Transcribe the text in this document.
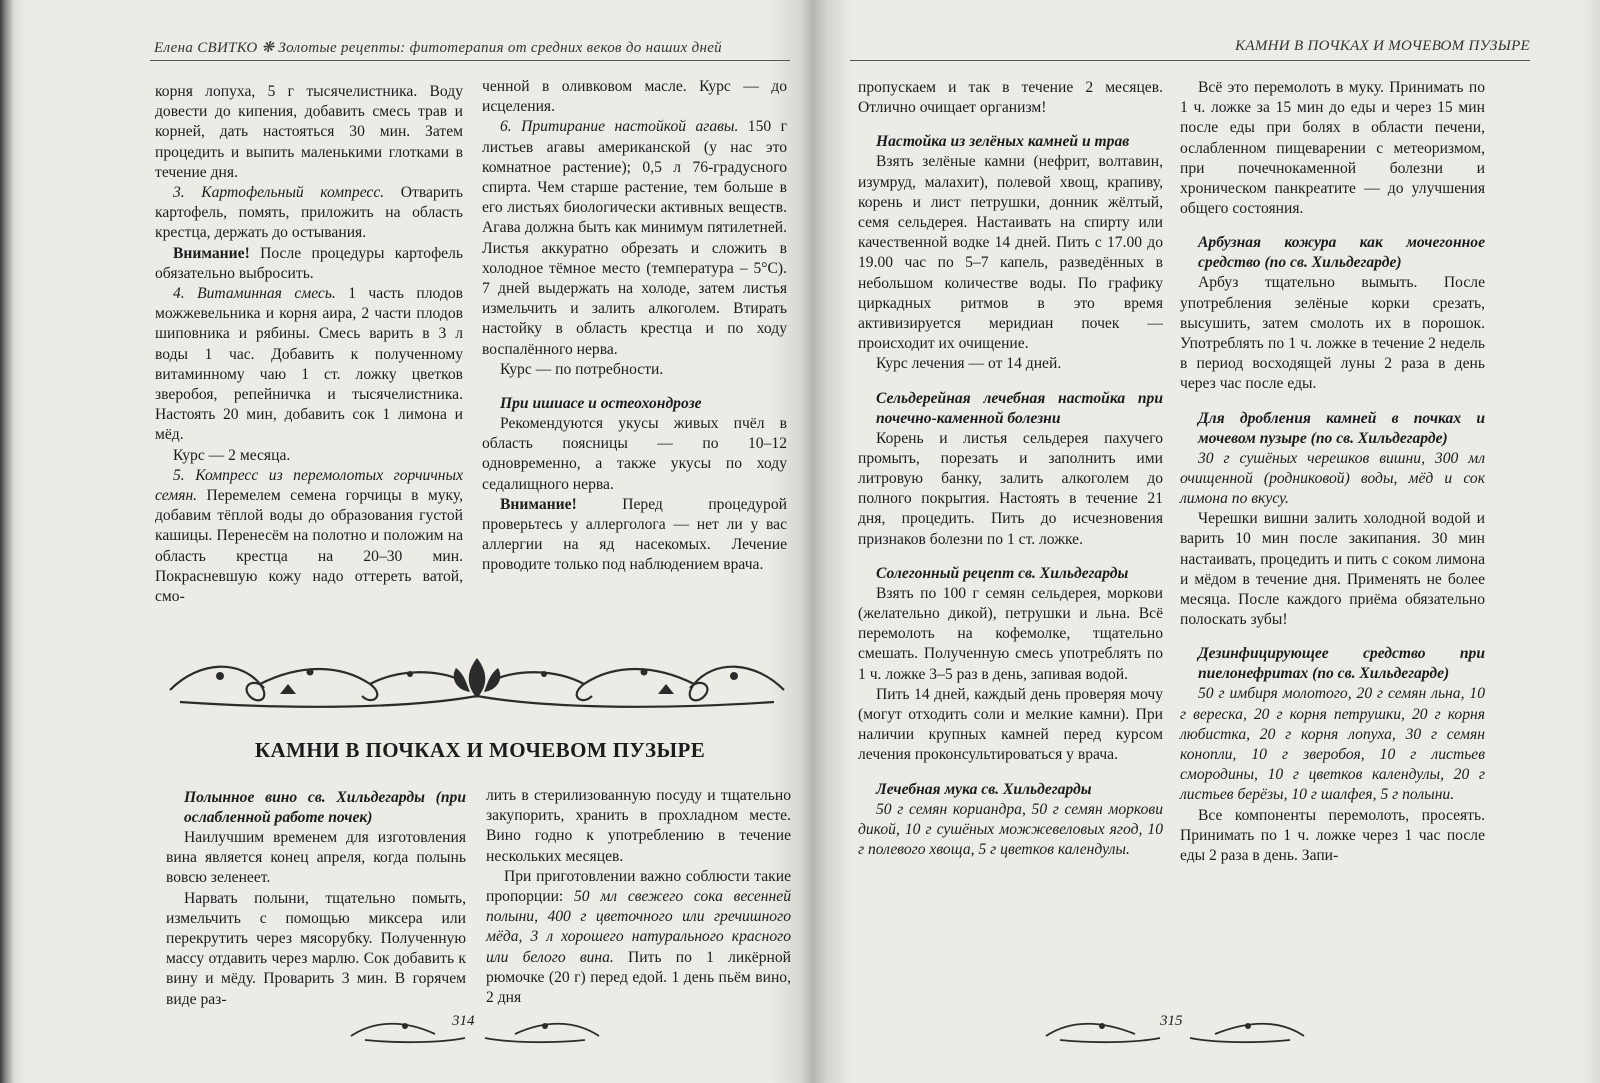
Елена СВИТКО ❋ Золотые рецепты: фитотерапия от средних веков до наших дней

корня лопуха, 5 г тысячелистника. Воду довести до кипения, добавить смесь трав и корней, дать настояться 30 мин. Затем процедить и выпить маленькими глотками в течение дня.

3. Картофельный компресс. Отварить картофель, помять, приложить на область крестца, держать до остывания.

Внимание! После процедуры картофель обязательно выбросить.

4. Витаминная смесь. 1 часть плодов можжевельника и корня аира, 2 части плодов шиповника и рябины. Смесь варить в 3 л воды 1 час. Добавить к полученному витаминному чаю 1 ст. ложку цветков зверобоя, репейничка и тысячелистника. Настоять 20 мин, добавить сок 1 лимона и мёд.

Курс — 2 месяца.

5. Компресс из перемолотых горчичных семян. Перемелем семена горчицы в муку, добавим тёплой воды до образования густой кашицы. Перенесём на полотно и положим на область крестца на 20–30 мин. Покрасневшую кожу надо оттереть ватой, смо-

ченной в оливковом масле. Курс — до исцеления.

6. Притирание настойкой агавы. 150 г листьев агавы американской (у нас это комнатное растение); 0,5 л 76-градусного спирта. Чем старше растение, тем больше в его листьях биологически активных веществ. Агава должна быть как минимум пятилетней. Листья аккуратно обрезать и сложить в холодное тёмное место (температура – 5°С). 7 дней выдержать на холоде, затем листья измельчить и залить алкоголем. Втирать настойку в область крестца и по ходу воспалённого нерва.

Курс — по потребности.

При ишиасе и остеохондрозе

Рекомендуются укусы живых пчёл в область поясницы — по 10–12 одновременно, а также укусы по ходу седалищного нерва.

Внимание! Перед процедурой проверьтесь у аллерголога — нет ли у вас аллергии на яд насекомых. Лечение проводите только под наблюдением врача.

КАМНИ В ПОЧКАХ И МОЧЕВОМ ПУЗЫРЕ

Полынное вино св. Хильдегарды (при ослабленной работе почек)

Наилучшим временем для изготовления вина является конец апреля, когда полынь вовсю зеленеет.

Нарвать полыни, тщательно помыть, измельчить с помощью миксера или перекрутить через мясорубку. Полученную массу отдавить через марлю. Сок добавить к вину и мёду. Проварить 3 мин. В горячем виде раз-

лить в стерилизованную посуду и тщательно закупорить, хранить в прохладном месте. Вино годно к употреблению в течение нескольких месяцев.

При приготовлении важно соблюсти такие пропорции: 50 мл свежего сока весенней полыни, 400 г цветочного или гречишного мёда, 3 л хорошего натурального красного или белого вина. Пить по 1 ликёрной рюмочке (20 г) перед едой. 1 день пьём вино, 2 дня

314
КАМНИ В ПОЧКАХ И МОЧЕВОМ ПУЗЫРЕ

пропускаем и так в течение 2 месяцев. Отлично очищает организм!

Настойка из зелёных камней и трав

Взять зелёные камни (нефрит, волтавин, изумруд, малахит), полевой хвощ, крапиву, корень и лист петрушки, донник жёлтый, семя сельдерея. Настаивать на спирту или качественной водке 14 дней. Пить с 17.00 до 19.00 час по 5–7 капель, разведённых в небольшом количестве воды. По графику циркадных ритмов в это время активизируется меридиан почек — происходит их очищение.

Курс лечения — от 14 дней.

Сельдерейная лечебная настойка при почечно-каменной болезни

Корень и листья сельдерея пахучего промыть, порезать и заполнить ими литровую банку, залить алкоголем до полного покрытия. Настоять в течение 21 дня, процедить. Пить до исчезновения признаков болезни по 1 ст. ложке.

Солегонный рецепт св. Хильдегарды

Взять по 100 г семян сельдерея, моркови (желательно дикой), петрушки и льна. Всё перемолоть на кофемолке, тщательно смешать. Полученную смесь употреблять по 1 ч. ложке 3–5 раз в день, запивая водой.

Пить 14 дней, каждый день проверяя мочу (могут отходить соли и мелкие камни). При наличии крупных камней перед курсом лечения проконсультироваться у врача.

Лечебная мука св. Хильдегарды

50 г семян кориандра, 50 г семян моркови дикой, 10 г сушёных можжевеловых ягод, 10 г полевого хвоща, 5 г цветков календулы.

Всё это перемолоть в муку. Принимать по 1 ч. ложке за 15 мин до еды и через 15 мин после еды при болях в области печени, ослабленном пищеварении с метеоризмом, при почечнокаменной болезни и хроническом панкреатите — до улучшения общего состояния.

Арбузная кожура как мочегонное средство (по св. Хильдегарде)

Арбуз тщательно вымыть. После употребления зелёные корки срезать, высушить, затем смолоть их в порошок. Употреблять по 1 ч. ложке в течение 2 недель в период восходящей луны 2 раза в день через час после еды.

Для дробления камней в почках и мочевом пузыре (по св. Хильдегарде)

30 г сушёных черешков вишни, 300 мл очищенной (родниковой) воды, мёд и сок лимона по вкусу.

Черешки вишни залить холодной водой и варить 10 мин после закипания. 30 мин настаивать, процедить и пить с соком лимона и мёдом в течение дня. Применять не более месяца. После каждого приёма обязательно полоскать зубы!

Дезинфицирующее средство при пиелонефритах (по св. Хильдегарде)

50 г имбиря молотого, 20 г семян льна, 10 г вереска, 20 г корня петрушки, 20 г корня любистка, 20 г корня лопуха, 30 г семян конопли, 10 г зверобоя, 10 г листьев смородины, 10 г цветков календулы, 20 г листьев берёзы, 10 г шалфея, 5 г полыни.

Все компоненты перемолоть, просеять. Принимать по 1 ч. ложке через 1 час после еды 2 раза в день. Запи-

315
